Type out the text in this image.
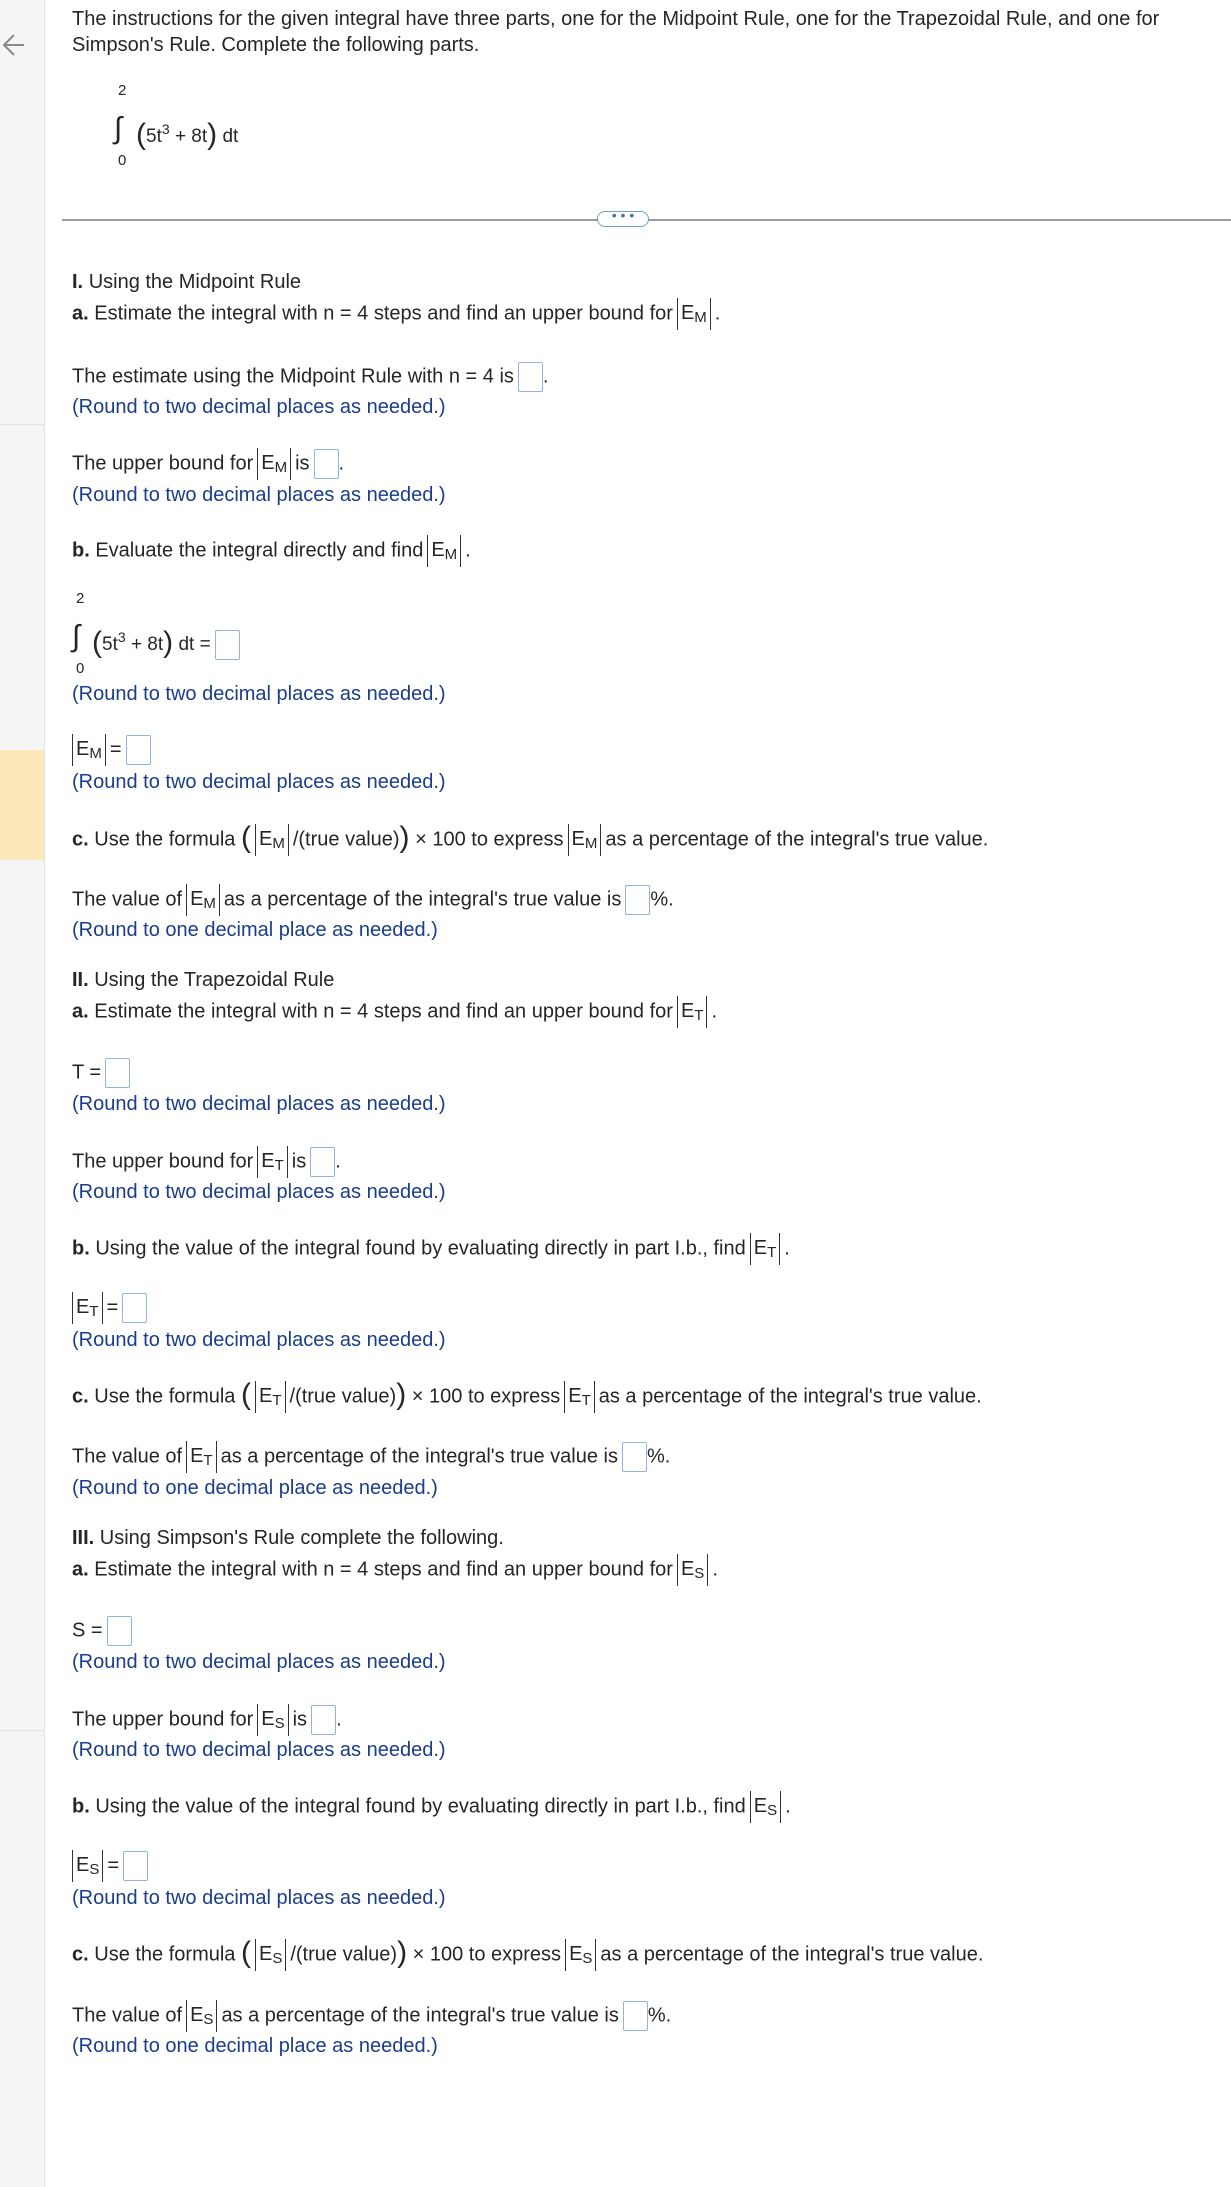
The instructions for the given integral have three parts, one for the Midpoint Rule, one for the Trapezoidal Rule, and one for Simpson's Rule. Complete the following parts.
2
∫
0
$(5t^3 + 8t)$ dt
• • •
I. Using the Midpoint Rule
a. Estimate the integral with n = 4 steps and find an upper bound for EM .
The estimate using the Midpoint Rule with n = 4 is .
(Round to two decimal places as needed.)
The upper bound for EM is .
(Round to two decimal places as needed.)
b. Evaluate the integral directly and find EM .
2
∫
0
$(5t^3 + 8t)$ dt =
(Round to two decimal places as needed.)
EM =
(Round to two decimal places as needed.)
c. Use the formula ( EM /(true value)) × 100 to express EM as a percentage of the integral's true value.
The value of EM as a percentage of the integral's true value is %.
(Round to one decimal place as needed.)
II. Using the Trapezoidal Rule
a. Estimate the integral with n = 4 steps and find an upper bound for ET .
T =
(Round to two decimal places as needed.)
The upper bound for ET is .
(Round to two decimal places as needed.)
b. Using the value of the integral found by evaluating directly in part I.b., find ET .
ET =
(Round to two decimal places as needed.)
c. Use the formula ( ET /(true value)) × 100 to express ET as a percentage of the integral's true value.
The value of ET as a percentage of the integral's true value is %.
(Round to one decimal place as needed.)
III. Using Simpson's Rule complete the following.
a. Estimate the integral with n = 4 steps and find an upper bound for ES .
S =
(Round to two decimal places as needed.)
The upper bound for ES is .
(Round to two decimal places as needed.)
b. Using the value of the integral found by evaluating directly in part I.b., find ES .
ES =
(Round to two decimal places as needed.)
c. Use the formula ( ES /(true value)) × 100 to express ES as a percentage of the integral's true value.
The value of ES as a percentage of the integral's true value is %.
(Round to one decimal place as needed.)
